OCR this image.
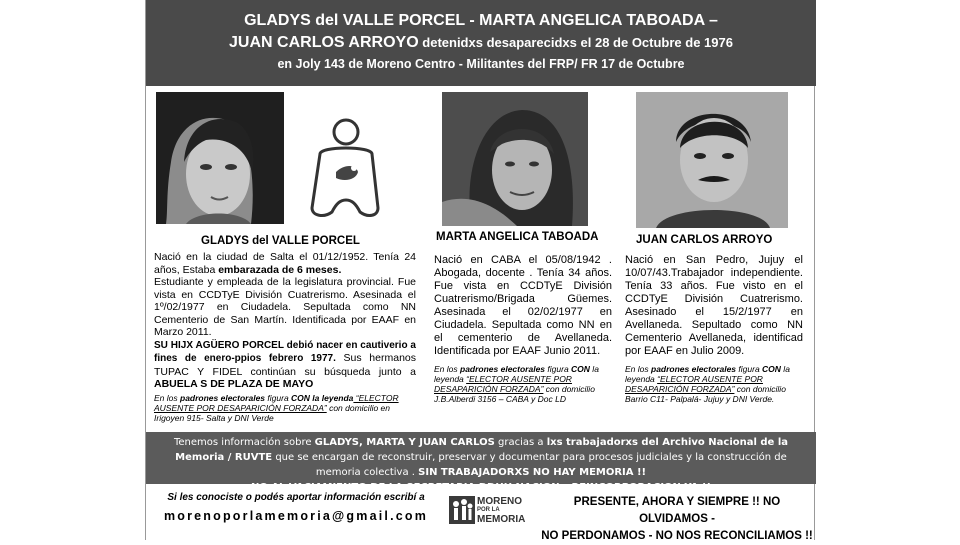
GLADYS del VALLE PORCEL - MARTA ANGELICA TABOADA –
JUAN CARLOS ARROYO detenidxs desaparecidxs el 28 de Octubre de 1976
en Joly 143 de Moreno Centro - Militantes del FRP/ FR 17 de Octubre
GLADYS del VALLE PORCEL	MARTA ANGELICA TABOADA	JUAN CARLOS ARROYO

Nació en la ciudad de Salta el 01/12/1952. Tenía 24 años, Estaba embarazada de 6 meses.
Estudiante y empleada de la legislatura provincial. Fue vista en CCDTyE División Cuatrerismo. Asesinada el 1º/02/1977 en Ciudadela. Sepultada como NN Cementerio de San Martín. Identificada por EAAF en Marzo 2011.

SU HIJX AGÜERO PORCEL debió nacer en cautiverio a fines de enero-ppios febrero 1977. Sus hermanos TUPAC Y FIDEL continúan su búsqueda junto a ABUELA S DE PLAZA DE MAYO

En los padrones electorales figura CON la leyenda “ELECTOR AUSENTE POR DESAPARICIÓN FORZADA” con domicilio en Irigoyen 915- Salta y DNI Verde

Nació en CABA el 05/08/1942 . Abogada, docente . Tenía 34 años. Fue vista en CCDTyE División Cuatrerismo/Brigada Güemes. Asesinada el 02/02/1977 en Ciudadela. Sepultada como NN en el cementerio de Avellaneda. Identificada por EAAF Junio 2011.

En los padrones electorales figura CON la leyenda “ELECTOR AUSENTE POR DESAPARICIÓN FORZADA” con domicilio J.B.Alberdi 3156 – CABA y Doc LD

Nació en San Pedro, Jujuy el 10/07/43.Trabajador independiente. Tenía 33 años. Fue visto en el CCDTyE División Cuatrerismo. Asesinado el 15/2/1977 en Avellaneda. Sepultado como NN Cementerio Avellaneda, identificad por EAAF en Julio 2009.

En los padrones electorales figura CON la leyenda “ELECTOR AUSENTE POR DESAPARICIÓN FORZADA” con domicilio Barrio C11- Palpalá- Jujuy y DNI Verde.
Tenemos información sobre GLADYS, MARTA Y JUAN CARLOS gracias a lxs trabajadorxs del Archivo Nacional de la Memoria / RUVTE que se encargan de reconstruir, preservar y documentar para procesos judiciales y la construcción de memoria colectiva . SIN TRABAJADORXS NO HAY MEMORIA !!
NO AL VACIAMIENTO DE LA SECRETARIA DDHH NACION – REINCORPORACION YA !!
Si les conociste o podés aportar información escribí a
morenoporlamemoria@gmail.com
MORENO
POR LA
MEMORIA
PRESENTE, AHORA Y SIEMPRE !! NO OLVIDAMOS -
NO PERDONAMOS - NO NOS RECONCILIAMOS !!
